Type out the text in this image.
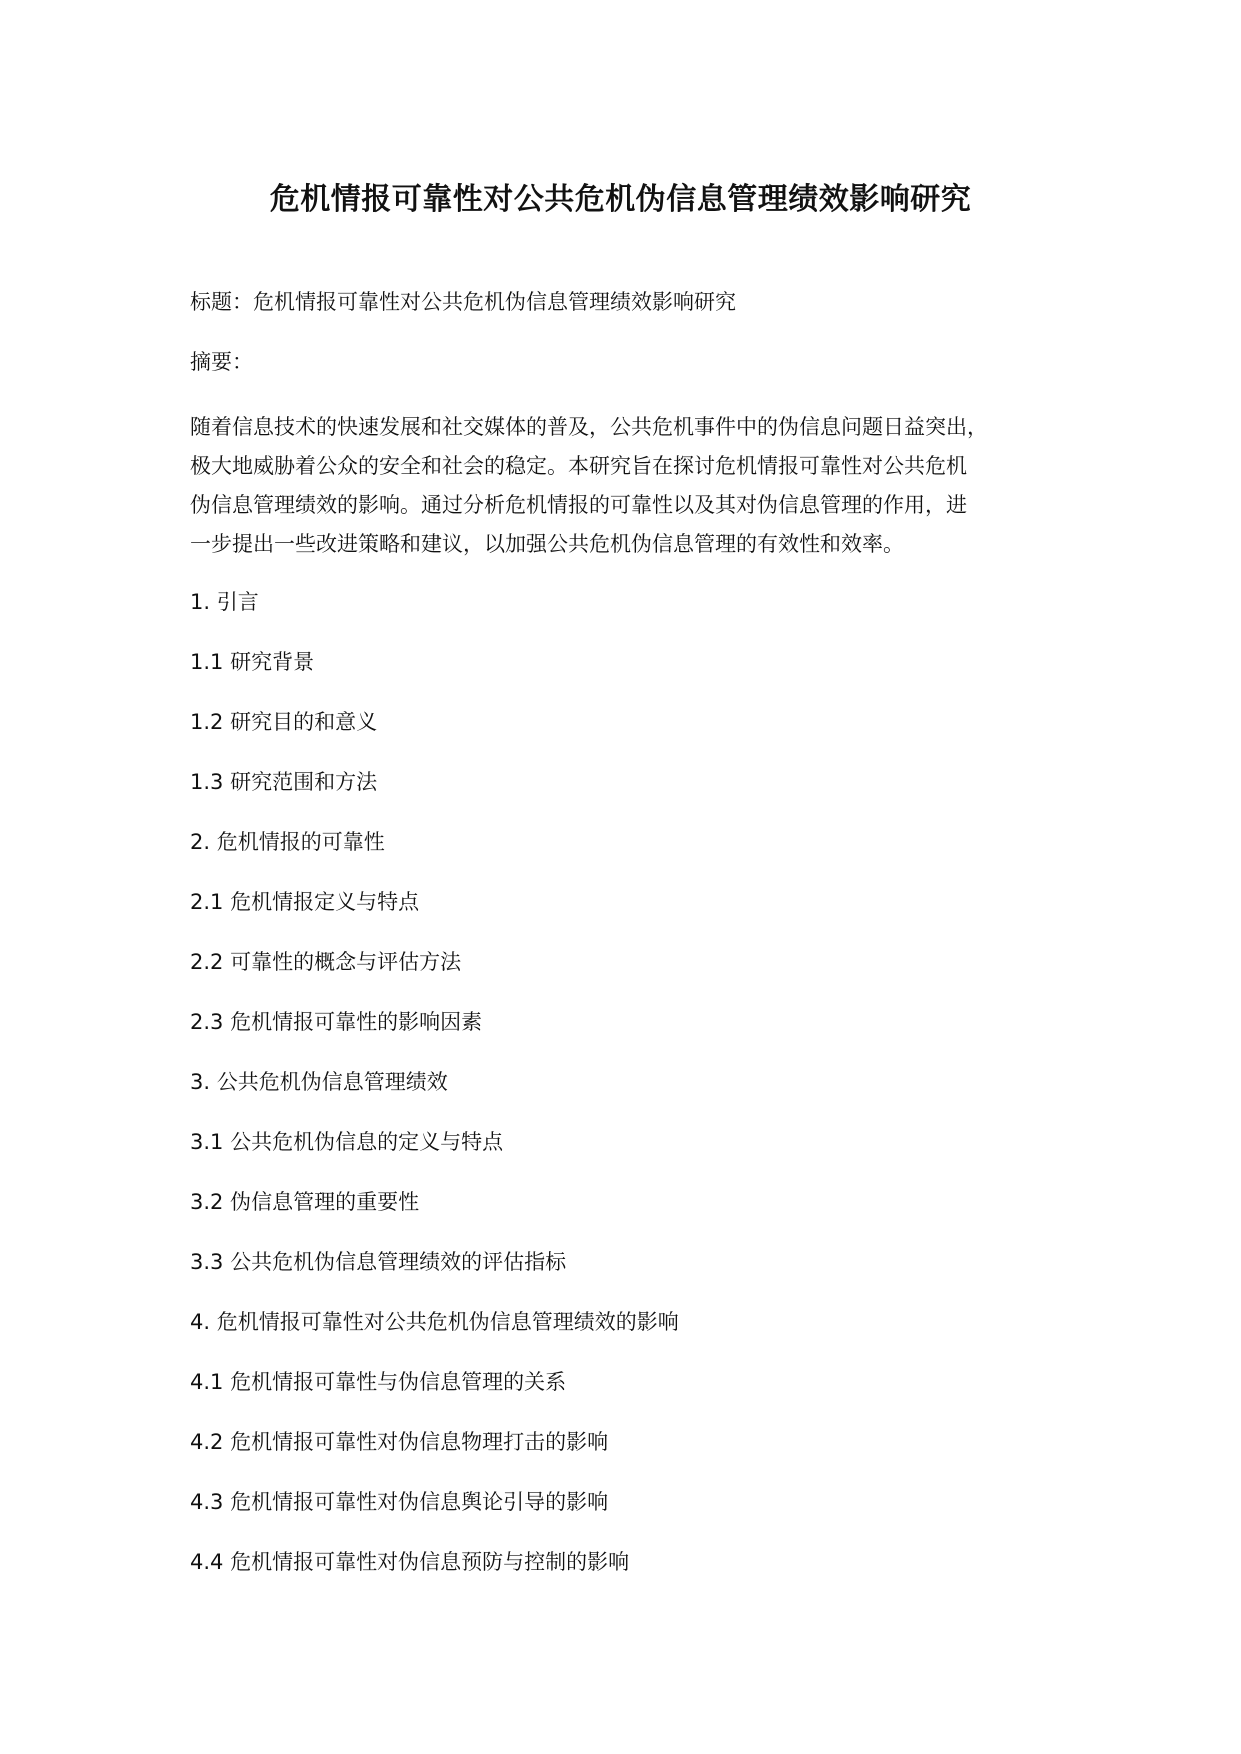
危机情报可靠性对公共危机伪信息管理绩效影响研究
标题：危机情报可靠性对公共危机伪信息管理绩效影响研究
摘要：
随着信息技术的快速发展和社交媒体的普及，公共危机事件中的伪信息问题日益突出，
极大地威胁着公众的安全和社会的稳定。本研究旨在探讨危机情报可靠性对公共危机
伪信息管理绩效的影响。通过分析危机情报的可靠性以及其对伪信息管理的作用，进
一步提出一些改进策略和建议，以加强公共危机伪信息管理的有效性和效率。
1. 引言
1.1 研究背景
1.2 研究目的和意义
1.3 研究范围和方法
2. 危机情报的可靠性
2.1 危机情报定义与特点
2.2 可靠性的概念与评估方法
2.3 危机情报可靠性的影响因素
3. 公共危机伪信息管理绩效
3.1 公共危机伪信息的定义与特点
3.2 伪信息管理的重要性
3.3 公共危机伪信息管理绩效的评估指标
4. 危机情报可靠性对公共危机伪信息管理绩效的影响
4.1 危机情报可靠性与伪信息管理的关系
4.2 危机情报可靠性对伪信息物理打击的影响
4.3 危机情报可靠性对伪信息舆论引导的影响
4.4 危机情报可靠性对伪信息预防与控制的影响
